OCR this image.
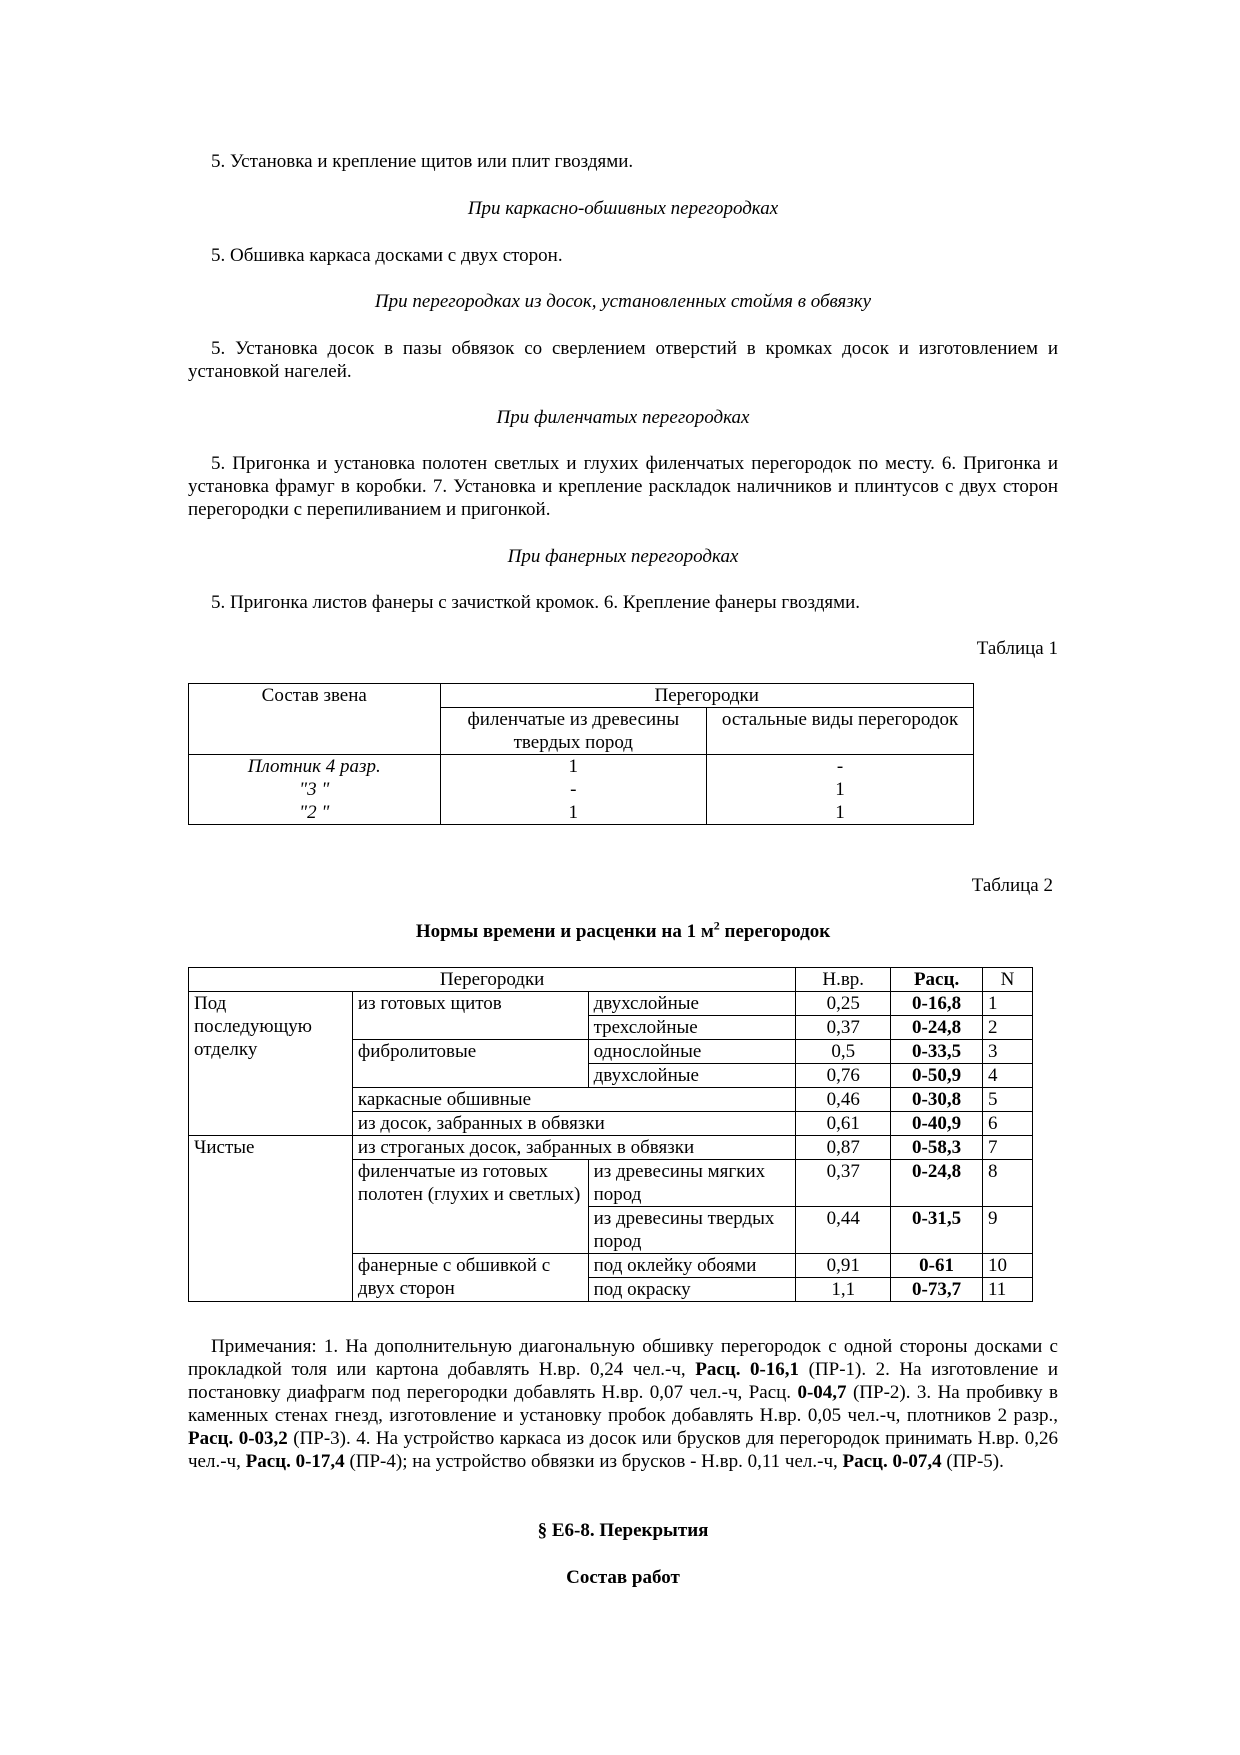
5. Установка и крепление щитов или плит гвоздями.

При каркасно-обшивных перегородках

5. Обшивка каркаса досками с двух сторон.

При перегородках из досок, установленных стоймя в обвязку

5. Установка досок в пазы обвязок со сверлением отверстий в кромках досок и изготовлением и установкой нагелей.

При филенчатых перегородках

5. Пригонка и установка полотен светлых и глухих филенчатых перегородок по месту. 6. Пригонка и установка фрамуг в коробки. 7. Установка и крепление раскладок наличников и плинтусов с двух сторон перегородки с перепиливанием и пригонкой.

При фанерных перегородках

5. Пригонка листов фанеры с зачисткой кромок. 6. Крепление фанеры гвоздями.

Таблица 1

Состав звена	Перегородки	
	филенчатые из древесины твердых пород	остальные виды перегородок
Плотник 4 разр.	1	-
"3 "	-	1
"2 "	1	1

Таблица 2

Нормы времени и расценки на 1 $м^2$ перегородок

Перегородки			Н.вр.	Расц.	N
Под последующую отделку	из готовых щитов	двухслойные	0,25	0-16,8	1
		трехслойные	0,37	0-24,8	2
	фибролитовые	однослойные	0,5	0-33,5	3
		двухслойные	0,76	0-50,9	4
	каркасные обшивные		0,46	0-30,8	5
	из досок, забранных в обвязки		0,61	0-40,9	6
Чистые	из строганых досок, забранных в обвязки		0,87	0-58,3	7
	филенчатые из готовых полотен (глухих и светлых)	из древесины мягких пород	0,37	0-24,8	8
		из древесины твердых пород	0,44	0-31,5	9
	фанерные с обшивкой с двух сторон	под оклейку обоями	0,91	0-61	10
		под окраску	1,1	0-73,7	11

Примечания: 1. На дополнительную диагональную обшивку перегородок с одной стороны досками с прокладкой толя или картона добавлять Н.вр. 0,24 чел.-ч, Расц. 0-16,1 (ПР-1). 2. На изготовление и постановку диафрагм под перегородки добавлять Н.вр. 0,07 чел.-ч, Расц. 0-04,7 (ПР-2). 3. На пробивку в каменных стенах гнезд, изготовление и установку пробок добавлять Н.вр. 0,05 чел.-ч, плотников 2 разр., Расц. 0-03,2 (ПР-3). 4. На устройство каркаса из досок или брусков для перегородок принимать Н.вр. 0,26 чел.-ч, Расц. 0-17,4 (ПР-4); на устройство обвязки из брусков - Н.вр. 0,11 чел.-ч, Расц. 0-07,4 (ПР-5).

§ Е6-8. Перекрытия

Состав работ
